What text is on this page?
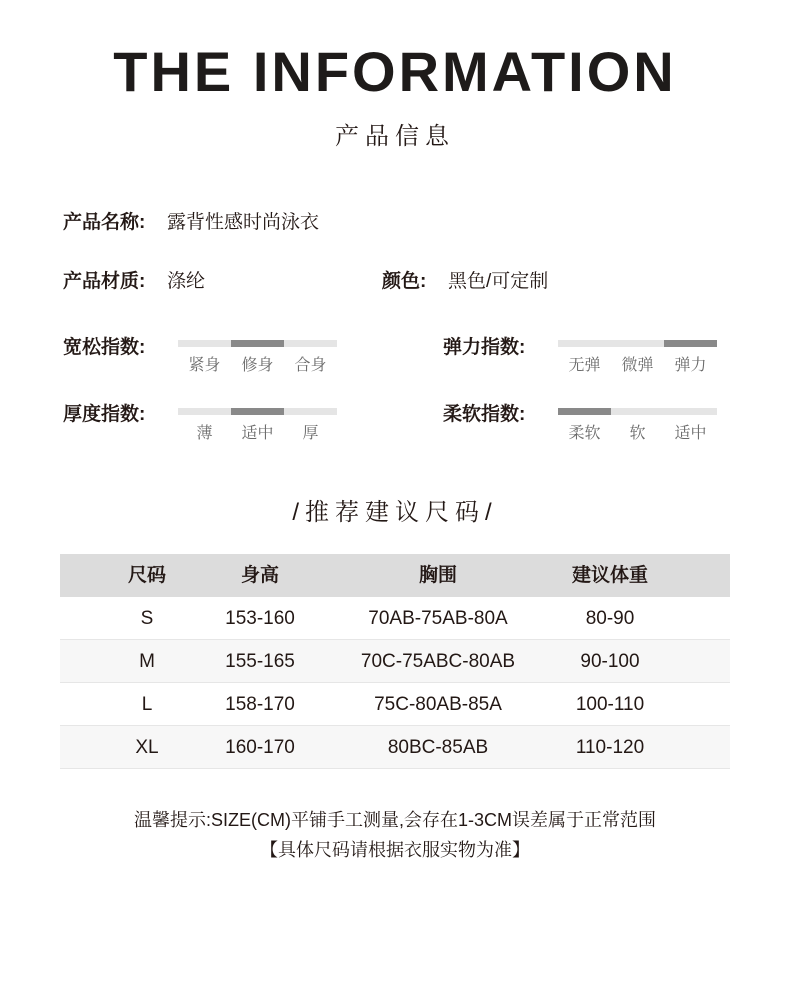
THE INFORMATION
产品信息
产品名称: 露背性感时尚泳衣
产品材质: 涤纶	颜色: 黑色/可定制
宽松指数:
紧身	修身	合身
弹力指数:
无弹	微弹	弹力
厚度指数:
薄	适中	厚
柔软指数:
柔软	软	适中
/推荐建议尺码/
尺码	身高	胸围	建议体重
S	153-160	70AB-75AB-80A	80-90
M	155-165	70C-75ABC-80AB	90-100
L	158-170	75C-80AB-85A	100-110
XL	160-170	80BC-85AB	110-120
温馨提示:SIZE(CM)平铺手工测量,会存在1-3CM误差属于正常范围
【具体尺码请根据衣服实物为准】
